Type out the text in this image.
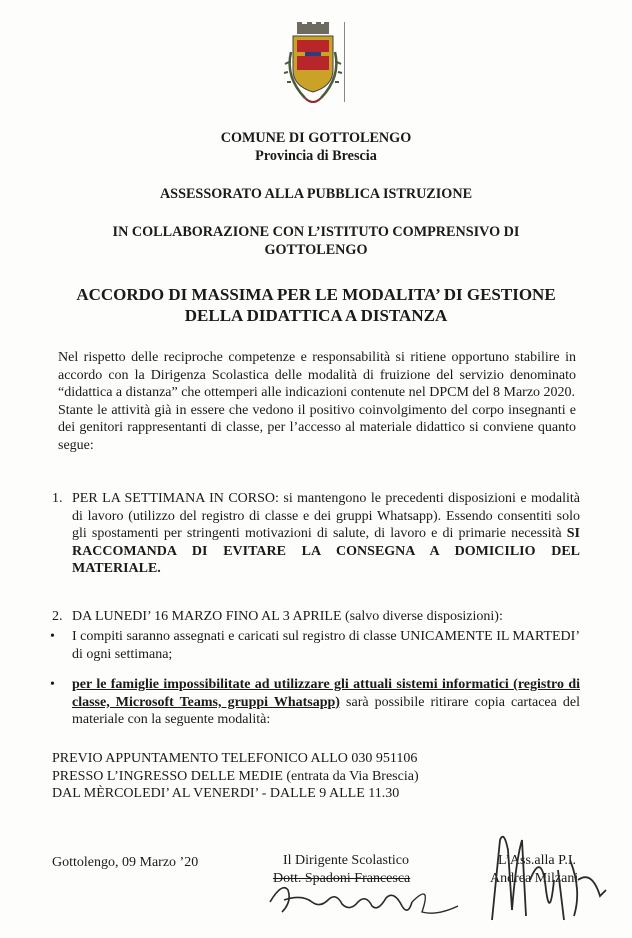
COMUNE DI GOTTOLENGO
Provincia di Brescia
ASSESSORATO ALLA PUBBLICA ISTRUZIONE
IN COLLABORAZIONE CON L’ISTITUTO COMPRENSIVO DI
GOTTOLENGO
ACCORDO DI MASSIMA PER LE MODALITA’ DI GESTIONE
DELLA DIDATTICA A DISTANZA

Nel rispetto delle reciproche competenze e responsabilità si ritiene opportuno stabilire in accordo con la Dirigenza Scolastica delle modalità di fruizione del servizio denominato “didattica a distanza” che ottemperi alle indicazioni contenute nel DPCM del 8 Marzo 2020.

Stante le attività già in essere che vedono il positivo coinvolgimento del corpo insegnanti e dei genitori rappresentanti di classe, per l’accesso al materiale didattico si conviene quanto segue:

1. PER LA SETTIMANA IN CORSO: si mantengono le precedenti disposizioni e modalità di lavoro (utilizzo del registro di classe e dei gruppi Whatsapp). Essendo consentiti solo gli spostamenti per stringenti motivazioni di salute, di lavoro e di primarie necessità SI RACCOMANDA DI EVITARE LA CONSEGNA A DOMICILIO DEL MATERIALE.
2. DA LUNEDI’ 16 MARZO FINO AL 3 APRILE (salvo diverse disposizioni):
• I compiti saranno assegnati e caricati sul registro di classe UNICAMENTE IL MARTEDI’ di ogni settimana;
• per le famiglie impossibilitate ad utilizzare gli attuali sistemi informatici (registro di classe, Microsoft Teams, gruppi Whatsapp) sarà possibile ritirare copia cartacea del materiale con la seguente modalità:
PREVIO APPUNTAMENTO TELEFONICO ALLO 030 951106
PRESSO L’INGRESSO DELLE MEDIE (entrata da Via Brescia)
DAL MÈRCOLEDI’ AL VENERDI’ - DALLE 9 ALLE 11.30
Gottolengo, 09 Marzo ’20	Il Dirigente Scolastico
Dott. Spadoni Francesca
L’Ass.alla P.I.
Andrea Milzani
